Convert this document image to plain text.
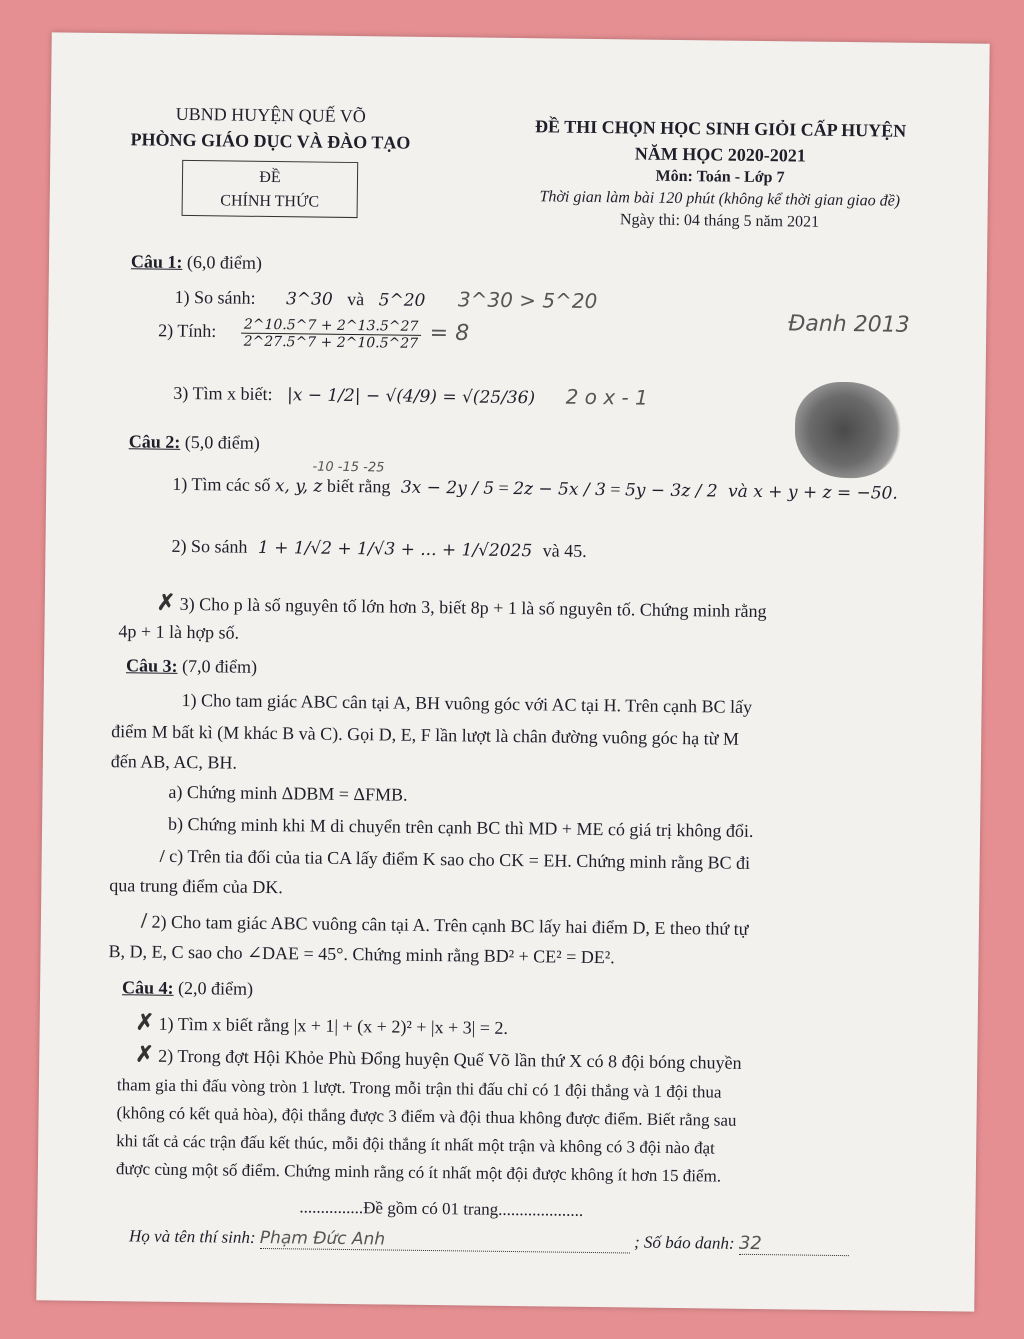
UBND HUYỆN QUẾ VÕ
PHÒNG GIÁO DỤC VÀ ĐÀO TẠO
ĐỀ
CHÍNH THỨC
ĐỀ THI CHỌN HỌC SINH GIỎI CẤP HUYỆN
NĂM HỌC 2020-2021
Môn: Toán - Lớp 7
Thời gian làm bài 120 phút (không kể thời gian giao đề)
Ngày thi: 04 tháng 5 năm 2021
Đanh 2013
Câu 1: (6,0 điểm)
1) So sánh: 3^30 và 5^20 3^30 > 5^20
2) Tính: $\frac{2\^{}10.5\^{}7 + 2\^{}13.5\^{}27}{2\^{}27.5\^{}7 + 2\^{}10.5\^{}27} = 8$
3) Tìm x biết: |x − 1/2| − √(4/9) = √(25/36) 2 o x - 1
Câu 2: (5,0 điểm)
-10 -15 -25
1) Tìm các số x, y, z biết rằng 3x − 2y / 5 = 2z − 5x / 3 = 5y − 3z / 2 và x + y + z = −50.
2) So sánh 1 + 1/√2 + 1/√3 + ... + 1/√2025 và 45.
✗ 3) Cho p là số nguyên tố lớn hơn 3, biết 8p + 1 là số nguyên tố. Chứng minh rằng
4p + 1 là hợp số.
Câu 3: (7,0 điểm)
1) Cho tam giác ABC cân tại A, BH vuông góc với AC tại H. Trên cạnh BC lấy
điểm M bất kì (M khác B và C). Gọi D, E, F lần lượt là chân đường vuông góc hạ từ M
đến AB, AC, BH.
a) Chứng minh ΔDBM = ΔFMB.
b) Chứng minh khi M di chuyển trên cạnh BC thì MD + ME có giá trị không đổi.
/ c) Trên tia đối của tia CA lấy điểm K sao cho CK = EH. Chứng minh rằng BC đi
qua trung điểm của DK.
/ 2) Cho tam giác ABC vuông cân tại A. Trên cạnh BC lấy hai điểm D, E theo thứ tự
B, D, E, C sao cho ∠DAE = 45°. Chứng minh rằng BD² + CE² = DE².
Câu 4: (2,0 điểm)
✗ 1) Tìm x biết rằng |x + 1| + (x + 2)² + |x + 3| = 2.
✗ 2) Trong đợt Hội Khỏe Phù Đổng huyện Quế Võ lần thứ X có 8 đội bóng chuyền
tham gia thi đấu vòng tròn 1 lượt. Trong mỗi trận thi đấu chỉ có 1 đội thắng và 1 đội thua
(không có kết quả hòa), đội thắng được 3 điểm và đội thua không được điểm. Biết rằng sau
khi tất cả các trận đấu kết thúc, mỗi đội thắng ít nhất một trận và không có 3 đội nào đạt
được cùng một số điểm. Chứng minh rằng có ít nhất một đội được không ít hơn 15 điểm.
...............Đề gồm có 01 trang....................
Họ và tên thí sinh: Phạm Đức Anh	; Số báo danh: 32
